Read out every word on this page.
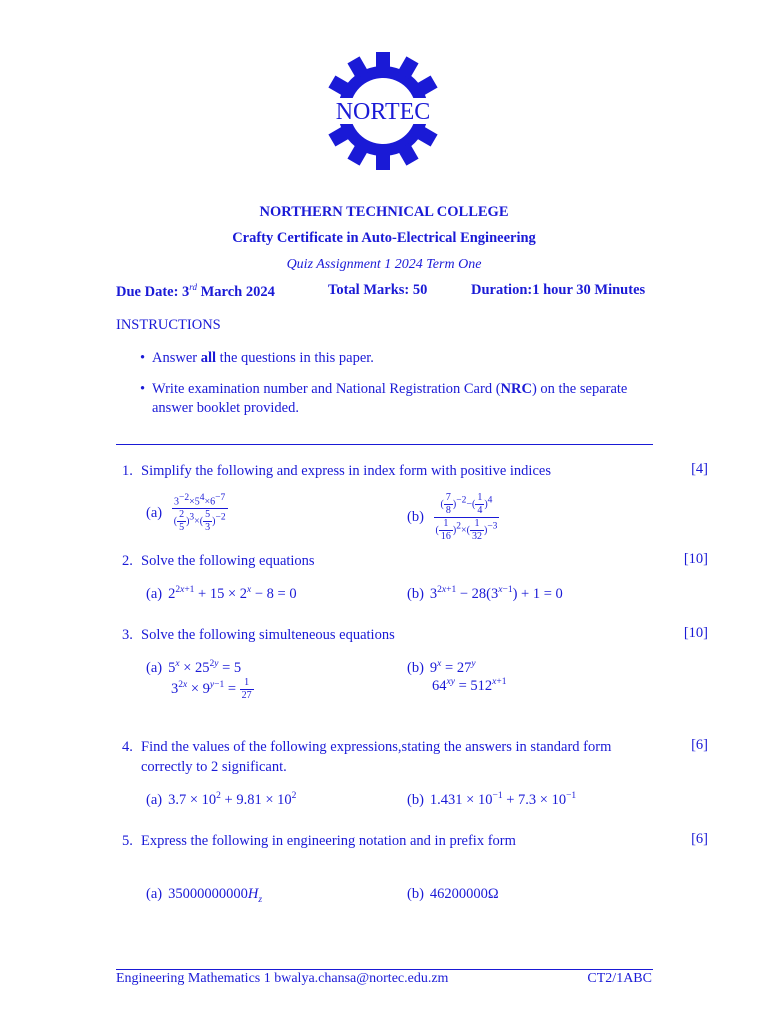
NORTEC
NORTHERN TECHNICAL COLLEGE
Crafty Certificate in Auto-Electrical Engineering
Quiz Assignment 1 2024 Term One
Due Date: 3rd March 2024	Total Marks: 50	Duration:1 hour 30 Minutes
INSTRUCTIONS
• Answer all the questions in this paper.
• Write examination number and National Registration Card (NRC) on the separate answer booklet provided.
1. Simplify the following and express in index form with positive indices	[4]
$(a) \frac{3^{-2}\times 5^4\times 6^{-7}}{( \frac{2}{5} )^3\times( \frac{5}{3} )^{-2}}$	$(b) \frac{( \frac{7}{8} )^{-2}-( \frac{1}{4} )^4}{( \frac{1}{16} )^2\times( \frac{1}{32} )^{-3}}$
2. Solve the following equations	[10]
(a) $2^{2x+1} + 15 \times 2^x - 8 = 0$	(b) $3^{2x+1} - 28(3^{x-1}) + 1 = 0$
3. Solve the following simulteneous equations	[10]
(a) $5^x \times 25^{2y} = 5$
$3^{2x} \times 9^{y-1} = \frac{1}{27}$
(b) $9^x = 27^y$
$64^{xy} = 512^{x+1}$
4. Find the values of the following expressions,stating the answers in standard form correctly to 2 significant.
[6]
(a) $3.7 \times 10^2 + 9.81 \times 10^2$	(b) $1.431 \times 10^{-1} + 7.3 \times 10^{-1}$
5. Express the following in engineering notation and in prefix form	[6]
(a) $35000000000H_z$	(b) 46200000Ω
Engineering Mathematics 1 bwalya.chansa@nortec.edu.zm	CT2/1ABC
